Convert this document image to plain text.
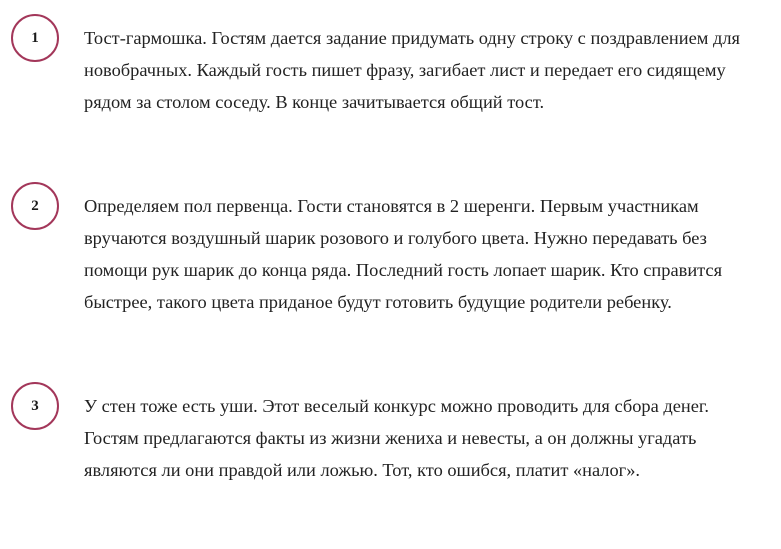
1	Тост-гармошка. Гостям дается задание придумать одну строку с поздравлением для новобрачных. Каждый гость пишет фразу, загибает лист и передает его сидящему рядом за столом соседу. В конце зачитывается общий тост.

2	Определяем пол первенца. Гости становятся в 2 шеренги. Первым участникам вручаются воздушный шарик розового и голубого цвета. Нужно передавать без помощи рук шарик до конца ряда. Последний гость лопает шарик. Кто справится быстрее, такого цвета приданое будут готовить будущие родители ребенку.

3	У стен тоже есть уши. Этот веселый конкурс можно проводить для сбора денег. Гостям предлагаются факты из жизни жениха и невесты, а он должны угадать являются ли они правдой или ложью. Тот, кто ошибся, платит «налог».
